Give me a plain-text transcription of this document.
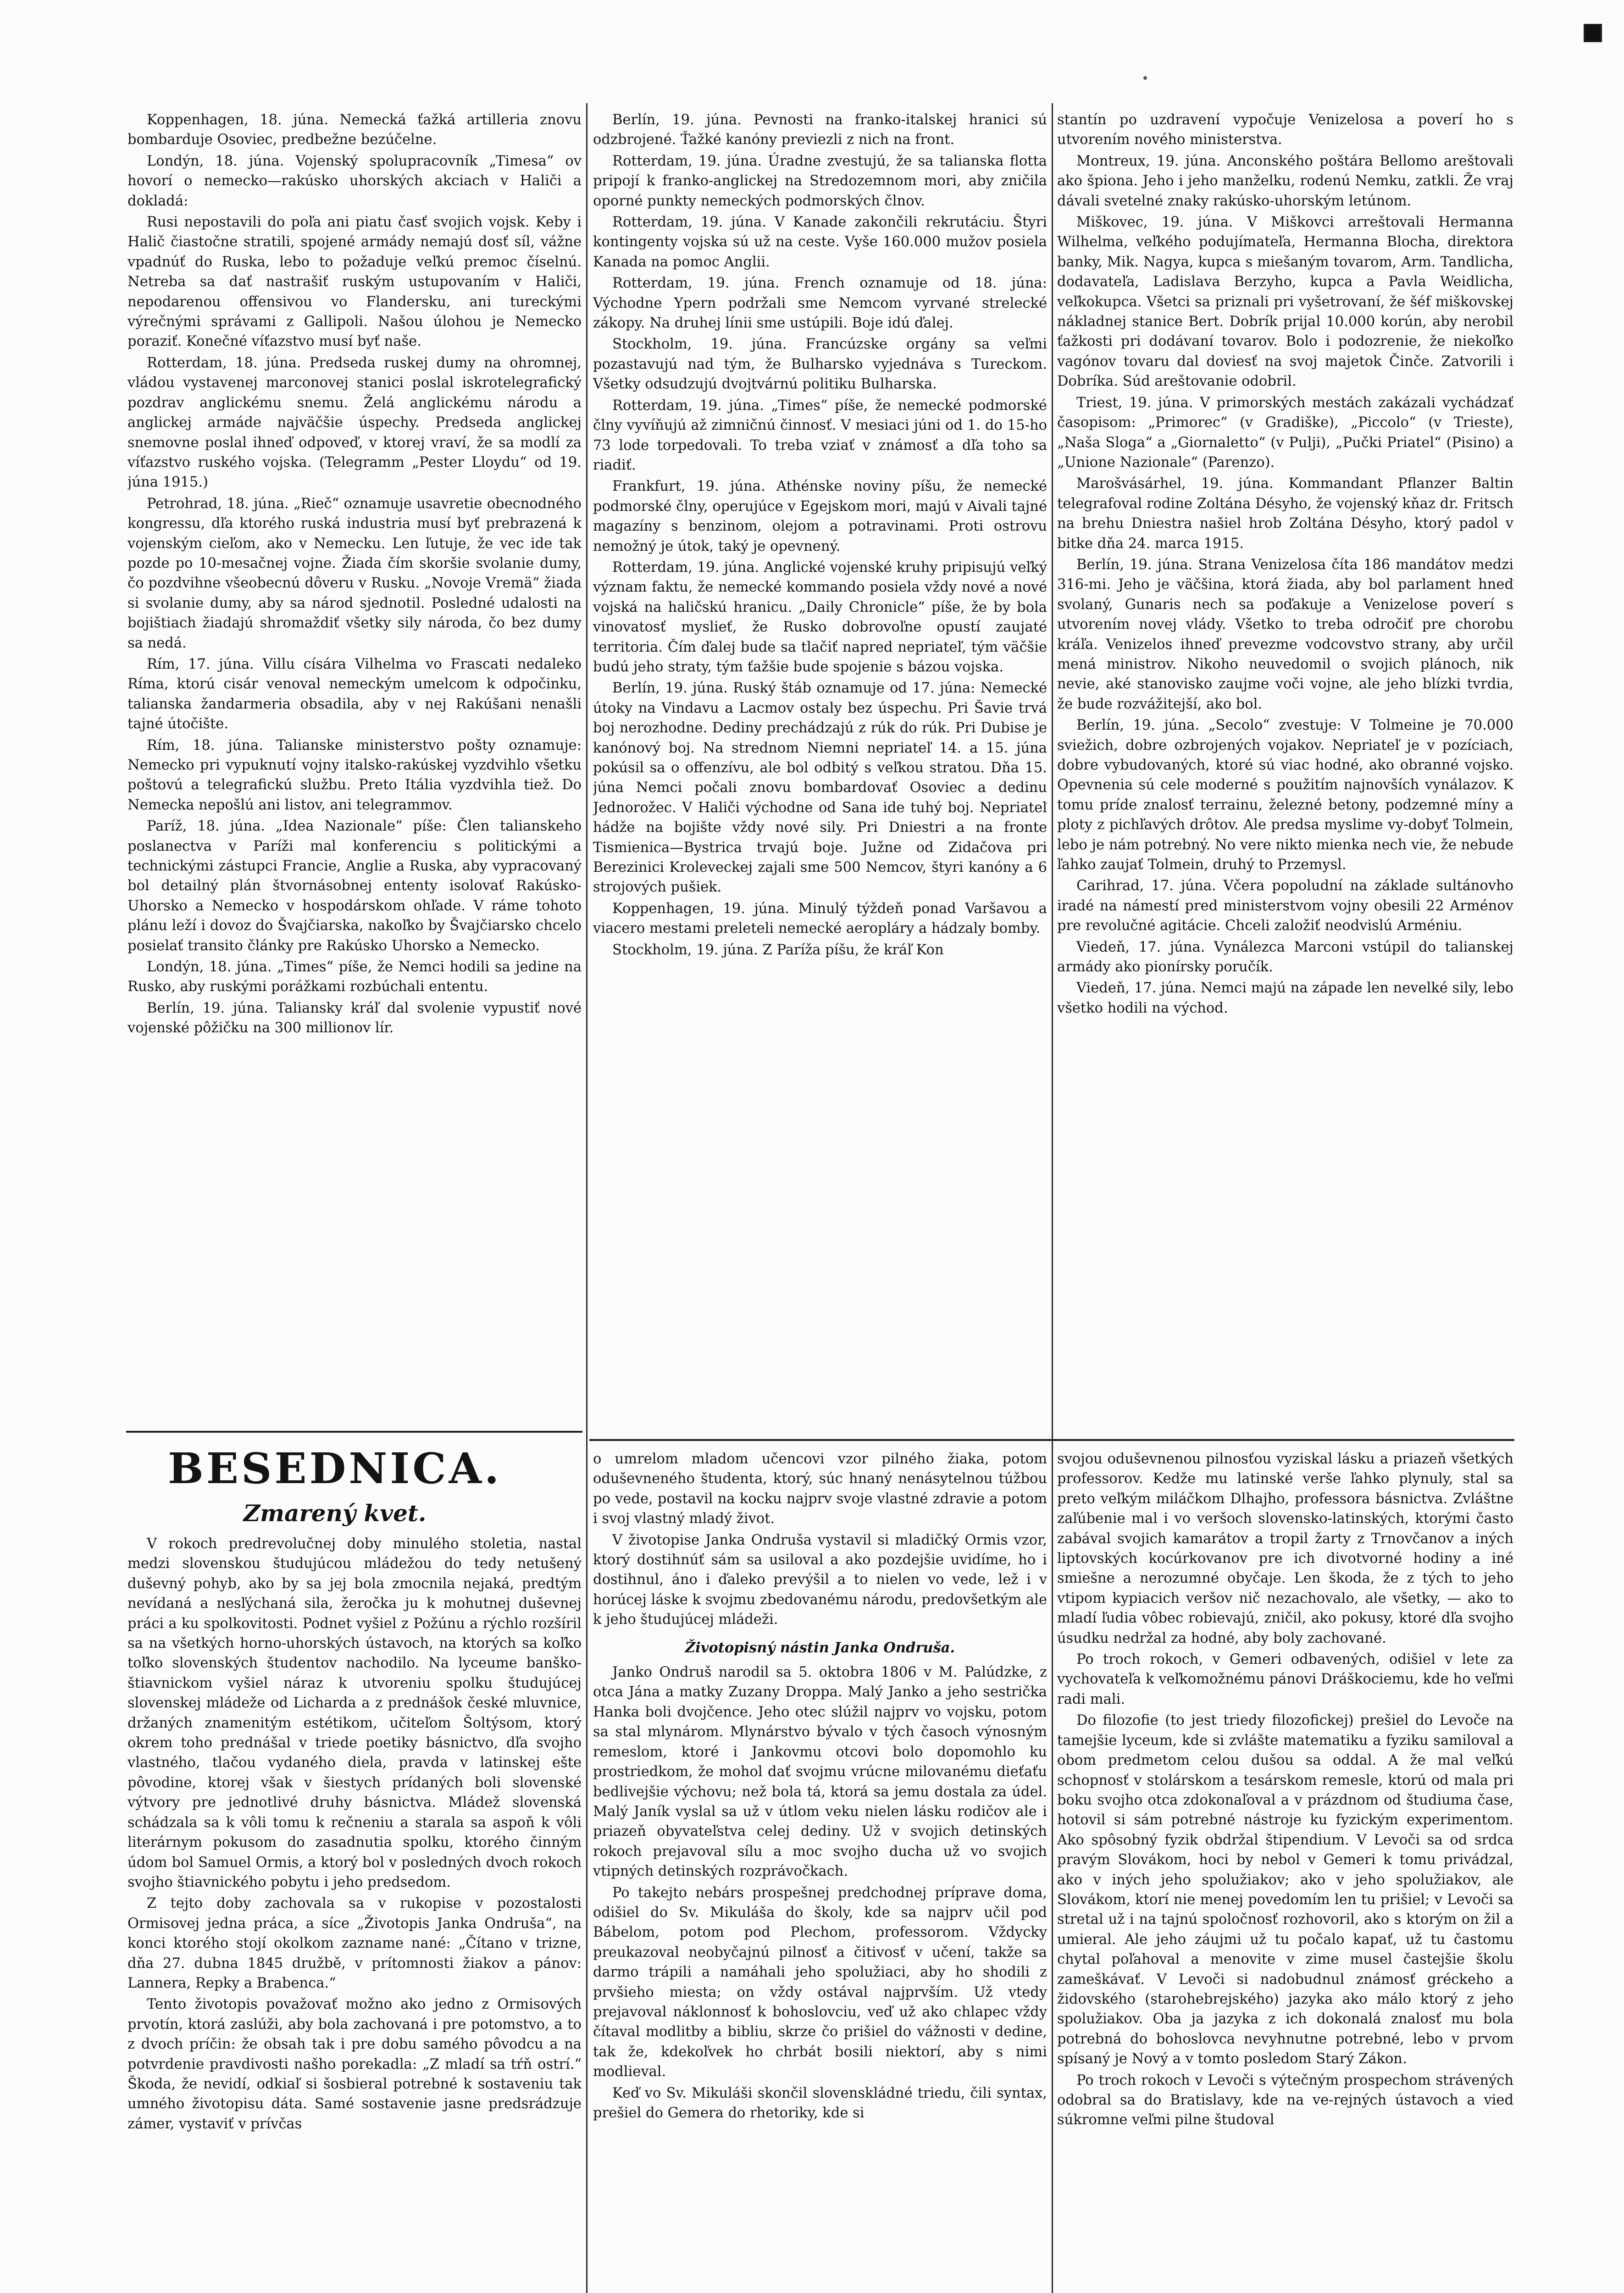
Koppenhagen, 18. júna. Nemecká ťažká artilleria znovu bombarduje Osoviec, predbežne bezúčelne.

Londýn, 18. júna. Vojenský spolupracovník „Timesa“ ov hovorí o nemecko—rakúsko uhorských akciach v Haliči a dokladá:

Rusi nepostavili do poľa ani piatu časť svojich vojsk. Keby i Halič čiastočne stratili, spojené armády nemajú dosť síl, vážne vpadnúť do Ruska, lebo to požaduje veľkú premoc číselnú. Netreba sa dať nastrašiť ruským ustupovaním v Haliči, nepodarenou offensivou vo Flandersku, ani tureckými výrečnými správami z Gallipoli. Našou úlohou je Nemecko poraziť. Konečné víťazstvo musí byť naše.

Rotterdam, 18. júna. Predseda ruskej dumy na ohromnej, vládou vystavenej marconovej stanici poslal iskrotelegrafický pozdrav anglickému snemu. Želá anglickému národu a anglickej armáde najväčšie úspechy. Predseda anglickej snemovne poslal ihneď odpoveď, v ktorej vraví, že sa modlí za víťazstvo ruského vojska. (Telegramm „Pester Lloydu“ od 19. júna 1915.)

Petrohrad, 18. júna. „Rieč“ oznamuje usavretie obecnodného kongressu, dľa ktorého ruská industria musí byť prebrazená k vojenským cieľom, ako v Nemecku. Len ľutuje, že vec ide tak pozde po 10-mesačnej vojne. Žiada čím skoršie svolanie dumy, čo pozdvihne všeobecnú dôveru v Rusku. „Novoje Vremä“ žiada si svolanie dumy, aby sa národ sjednotil. Posledné udalosti na bojištiach žiadajú shromaždiť všetky sily národa, čo bez dumy sa nedá.

Rím, 17. júna. Villu císára Vilhelma vo Frascati nedaleko Ríma, ktorú cisár venoval nemeckým umelcom k odpočinku, talianska žandarmeria obsadila, aby v nej Rakúšani nenašli tajné útočište.

Rím, 18. júna. Talianske ministerstvo pošty oznamuje: Nemecko pri vypuknutí vojny italsko-rakúskej vyzdvihlo všetku poštovú a telegrafickú službu. Preto Itália vyzdvihla tiež. Do Nemecka nepošlú ani listov, ani telegrammov.

Paríž, 18. júna. „Idea Nazionale“ píše: Člen talianskeho poslanectva v Paríži mal konferenciu s politickými a technickými zástupci Francie, Anglie a Ruska, aby vypracovaný bol detailný plán štvornásobnej ententy isolovať Rakúsko-Uhorsko a Nemecko v hospodárskom ohľade. V ráme tohoto plánu leží i dovoz do Švajčiarska, nakoľko by Švajčiarsko chcelo posielať transito články pre Rakúsko Uhorsko a Nemecko.

Londýn, 18. júna. „Times“ píše, že Nemci hodili sa jedine na Rusko, aby ruskými porážkami rozbúchali ententu.

Berlín, 19. júna. Taliansky kráľ dal svolenie vypustiť nové vojenské pôžičku na 300 millionov lír.

Berlín, 19. júna. Pevnosti na franko-italskej hranici sú odzbrojené. Ťažké kanóny previezli z nich na front.

Rotterdam, 19. júna. Úradne zvestujú, že sa talianska flotta pripojí k franko-anglickej na Stredozemnom mori, aby zničila oporné punkty nemeckých podmorských člnov.

Rotterdam, 19. júna. V Kanade zakončili rekrutáciu. Štyri kontingenty vojska sú už na ceste. Vyše 160.000 mužov posiela Kanada na pomoc Anglii.

Rotterdam, 19. júna. French oznamuje od 18. júna: Východne Ypern podržali sme Nemcom vyrvané strelecké zákopy. Na druhej línii sme ustúpili. Boje idú ďalej.

Stockholm, 19. júna. Francúzske orgány sa veľmi pozastavujú nad tým, že Bulharsko vyjednáva s Tureckom. Všetky odsudzujú dvojtvárnú politiku Bulharska.

Rotterdam, 19. júna. „Times“ píše, že nemecké podmorské člny vyvíňujú až zimničnú činnosť. V mesiaci júni od 1. do 15-ho 73 lode torpedovali. To treba vziať v známosť a dľa toho sa riadiť.

Frankfurt, 19. júna. Athénske noviny píšu, že nemecké podmorské člny, operujúce v Egejskom mori, majú v Aivali tajné magazíny s benzinom, olejom a potravinami. Proti ostrovu nemožný je útok, taký je opevnený.

Rotterdam, 19. júna. Anglické vojenské kruhy pripisujú veľký význam faktu, že nemecké kommando posiela vždy nové a nové vojská na haličskú hranicu. „Daily Chronicle“ píše, že by bola vinovatosť myslieť, že Rusko dobrovoľne opustí zaujaté territoria. Čím ďalej bude sa tlačiť napred nepriateľ, tým väčšie budú jeho straty, tým ťažšie bude spojenie s bázou vojska.

Berlín, 19. júna. Ruský štáb oznamuje od 17. júna: Nemecké útoky na Vindavu a Lacmov ostaly bez úspechu. Pri Šavie trvá boj nerozhodne. Dediny prechádzajú z rúk do rúk. Pri Dubise je kanónový boj. Na strednom Niemni nepriateľ 14. a 15. júna pokúsil sa o offenzívu, ale bol odbitý s veľkou stratou. Dňa 15. júna Nemci počali znovu bombardovať Osoviec a dedinu Jednorožec. V Haliči východne od Sana ide tuhý boj. Nepriateľ hádže na bojište vždy nové sily. Pri Dniestri a na fronte Tismienica—Bystrica trvajú boje. Južne od Zidačova pri Berezinici Kroleveckej zajali sme 500 Nemcov, štyri kanóny a 6 strojových pušiek.

Koppenhagen, 19. júna. Minulý týždeň ponad Varšavou a viacero mestami preleteli nemecké aeropláry a hádzaly bomby.

Stockholm, 19. júna. Z Paríža píšu, že kráľ Kon

stantín po uzdravení vypočuje Venizelosa a poverí ho s utvorením nového ministerstva.

Montreux, 19. júna. Anconského poštára Bellomo areštovali ako špiona. Jeho i jeho manželku, rodenú Nemku, zatkli. Že vraj dávali svetelné znaky rakúsko-uhorským letúnom.

Miškovec, 19. júna. V Miškovci arreštovali Hermanna Wilhelma, veľkého podujímateľa, Hermanna Blocha, direktora banky, Mik. Nagya, kupca s miešaným tovarom, Arm. Tandlicha, dodavateľa, Ladislava Berzyho, kupca a Pavla Weidlicha, veľkokupca. Všetci sa priznali pri vyšetrovaní, že šéf miškovskej nákladnej stanice Bert. Dobrík prijal 10.000 korún, aby nerobil ťažkosti pri dodávaní tovarov. Bolo i podozrenie, že niekoľko vagónov tovaru dal doviesť na svoj majetok Činče. Zatvorili i Dobríka. Súd areštovanie odobril.

Triest, 19. júna. V primorských mestách zakázali vychádzať časopisom: „Primorec“ (v Gradiške), „Piccolo“ (v Trieste), „Naša Sloga“ a „Giornaletto“ (v Pulji), „Pučki Priatel“ (Pisino) a „Unione Nazionale“ (Parenzo).

Marošvásárhel, 19. júna. Kommandant Pflanzer Baltin telegrafoval rodine Zoltána Désyho, že vojenský kňaz dr. Fritsch na brehu Dniestra našiel hrob Zoltána Désyho, ktorý padol v bitke dňa 24. marca 1915.

Berlín, 19. júna. Strana Venizelosa čítа 186 mandátov medzi 316-mi. Jeho je väčšina, ktorá žiada, aby bol parlament hneď svolaný, Gunaris nech sa poďakuje a Venizelose poverí s utvorením novej vlády. Všetko to treba odročiť pre chorobu kráľa. Venizelos ihneď prevezme vodcovstvo strany, aby určil mená ministrov. Nikoho neuvedomil o svojich plánoch, nik nevie, aké stanovisko zaujme voči vojne, ale jeho blízki tvrdia, že bude rozvážitejší, ako bol.

Berlín, 19. júna. „Secolo“ zvestuje: V Tolmeine je 70.000 sviežich, dobre ozbrojených vojakov. Nepriateľ je v pozíciach, dobre vybudovaných, ktoré sú viac hodné, ako obranné vojsko. Opevnenia sú cele moderné s použitím najnovších vynálazov. K tomu príde znalosť terrainu, železné betony, podzemné míny a ploty z pichľavých drôtov. Ale predsa myslime vy-dobyť Tolmein, lebo je nám potrebný. No vere nikto mienka nech vie, že nebude ľahko zaujať Tolmein, druhý to Przemysl.

Carihrad, 17. júna. Včera popoludní na základe sultánovho iradé na námestí pred ministerstvom vojny obesili 22 Arménov pre revolučné agitácie. Chceli založiť neodvislú Arméniu.

Viedeň, 17. júna. Vynálezca Marconi vstúpil do talianskej armády ako pionírsky poručík.

Viedeň, 17. júna. Nemci majú na západe len nevelké sily, lebo všetko hodili na východ.

BESEDNICA.
Zmarený kvet.

V rokoch predrevolučnej doby minulého stoletia, nastal medzi slovenskou študujúcou mládežou do tedy netušený duševný pohyb, ako by sa jej bola zmocnila nejaká, predtým nevídaná a nesľýchaná sila, žeročka ju k mohutnej duševnej práci a ku spolkovitosti. Podnet vyšiel z Požúnu a rýchlo rozšíril sa na všetkých horno-uhorských ústavoch, na ktorých sa koľko toľko slovenských študentov nachodilo. Na lyceume banško-štiavnickom vyšiel náraz k utvoreniu spolku študujúcej slovenskej mládeže od Licharda a z prednášok české mluvnice, držaných znamenitým estétikom, učiteľom Šoltýsom, ktorý okrem toho prednášal v triede poetiky básnictvo, dľa svojho vlastného, tlačou vydaného diela, pravda v latinskej ešte pôvodine, ktorej však v šiestych prídaných boli slovenské výtvory pre jednotlivé druhy básnictva. Mládež slovenská schádzala sa k vôli tomu k rečneniu a starala sa aspoň k vôli literárnym pokusom do zasadnutia spolku, ktorého činným údom bol Samuel Ormis, a ktorý bol v posledných dvoch rokoch svojho štiavnického pobytu i jeho predsedom.

Z tejto doby zachovala sa v rukopise v pozostalosti Ormisovej jedna práca, a síce „Životopis Janka Ondruša“, na konci ktorého stojí okolkom zazname nané: „Čítano v trizne, dňa 27. dubna 1845 družbě, v prítomnosti žiakov a pánov: Lannera, Repky a Brabenca.“

Tento životopis považovať možno ako jedno z Ormisových prvotín, ktorá zaslúži, aby bola zachovaná i pre potomstvo, a to z dvoch príčin: že obsah tak i pre dobu samého pôvodcu a na potvrdenie pravdivosti našho porekadla: „Z mladí sa tŕň ostrí.“ Škoda, že nevidí, odkiaľ si šosbieral potrebné k sostaveniu tak umného životopisu dáta. Samé sostavenie jasne predsrádzuje zámer, vystaviť v prívčas

o umrelom mladom učencovi vzor pilného žiaka, potom oduševneného študenta, ktorý, súc hnaný nenásytelnou túžbou po vede, postavil na kocku najprv svoje vlastné zdravie a potom i svoj vlastný mladý život.

V životopise Janka Ondruša vystavil si mladičký Ormis vzor, ktorý dostihnúť sám sa usiloval a ako pozdejšie uvidíme, ho i dostihnul, áno i ďaleko prevýšil a to nielen vo vede, lež i v horúcej láske k svojmu zbedovanému národu, predovšetkým ale k jeho študujúcej mládeži.

Životopisný nástin Janka Ondruša.

Janko Ondruš narodil sa 5. oktobra 1806 v M. Palúdzke, z otca Jána a matky Zuzany Droppa. Malý Janko a jeho sestrička Hanka boli dvojčence. Jeho otec slúžil najprv vo vojsku, potom sa stal mlynárom. Mlynárstvo bývalo v tých časoch výnosným remeslom, ktoré i Jankovmu otcovi bolo dopomohlo ku prostriedkom, že mohol dať svojmu vrúcne milovanému dieťaťu bedlivejšie výchovu; než bola tá, ktorá sa jemu dostala za údel. Malý Janík vyslal sa už v útlom veku nielen lásku rodičov ale i priazeň obyvateľstva celej dediny. Už v svojich detinských rokoch prejavoval sílu a moc svojho ducha už vo svojich vtipných detinských rozprávočkach.

Po takejto nebárs prospešnej predchodnej príprave doma, odišiel do Sv. Mikuláša do školy, kde sa najprv učil pod Bábelom, potom pod Plechom, professorom. Vždycky preukazoval neobyčajnú pilnosť a čitivosť v učení, takže sa darmo trápili a namáhali jeho spolužiaci, aby ho shodili z prvšieho miesta; on vždy ostával najprvším. Už vtedy prejavoval náklonnosť k bohoslovciu, veď už ako chlapec vždy čítaval modlitby a bibliu, skrze čo prišiel do vážnosti v dedine, tak že, kdekoľvek ho chrbát bosili niektorí, aby s nimi modlieval.

Keď vo Sv. Mikuláši skončil slovenskládné triedu, čili syntax, prešiel do Gemera do rhetoriky, kde si

svojou oduševnenou pilnosťou vyziskal lásku a priazeň všetkých professorov. Kedže mu latinské verše ľahko plynuly, stal sa preto veľkým miláčkom Dlhajho, professora básnictva. Zvláštne zaľúbenie mal i vo veršoch slovensko-latinských, ktorými často zabával svojich kamarátov a tropil žarty z Trnovčanov a iných liptovských kocúrkovanov pre ich divotvorné hodiny a iné smiešne a nerozumné obyčaje. Len škoda, že z tých to jeho vtipom kypiacich veršov nič nezachovalo, ale všetky, — ako to mladí ľudia vôbec robievajú, zničil, ako pokusy, ktoré dľa svojho úsudku nedržal za hodné, aby boly zachované.

Po troch rokoch, v Gemeri odbavených, odišiel v lete za vychovateľa k veľkomožnému pánovi Dráškociemu, kde ho veľmi radi mali.

Do filozofie (to jest triedy filozofickej) prešiel do Levoče na tamejšie lyceum, kde si zvlášte matematiku a fyziku samiloval a obom predmetom celou dušou sa oddal. A že mal veľkú schopnosť v stolárskom a tesárskom remesle, ktorú od mala pri boku svojho otca zdokonaľoval a v prázdnom od študiuma čase, hotovil si sám potrebné nástroje ku fyzickým experimentom. Ako spôsobný fyzik obdržal štipendium. V Levoči sa od srdca pravým Slovákom, hoci by nebol v Gemeri k tomu privádzal, ako v iných jeho spolužiakov; ako v jeho spolužiakov, ale Slovákom, ktorí nie menej povedomím len tu prišiel; v Levoči sa stretal už i na tajnú spoločnosť rozhovoril, ako s ktorým on žil a umieral. Ale jeho záujmi už tu počalo kapať, už tu častomu chytal poľahoval a menovite v zime musel častejšie školu zameškávať. V Levoči si nadobudnul známosť gréckeho a židovského (starohebrejského) jazyka ako málo ktorý z jeho spolužiakov. Oba ja jazyka z ich dokonalá znalosť mu bola potrebná do bohoslovca nevyhnutne potrebné, lebo v prvom spísaný je Nový a v tomto posledom Starý Zákon.

Po troch rokoch v Levoči s výtečným prospechom strávených odobral sa do Bratislavy, kde na ve-rejných ústavoch a vied súkromne veľmi pilne študoval
